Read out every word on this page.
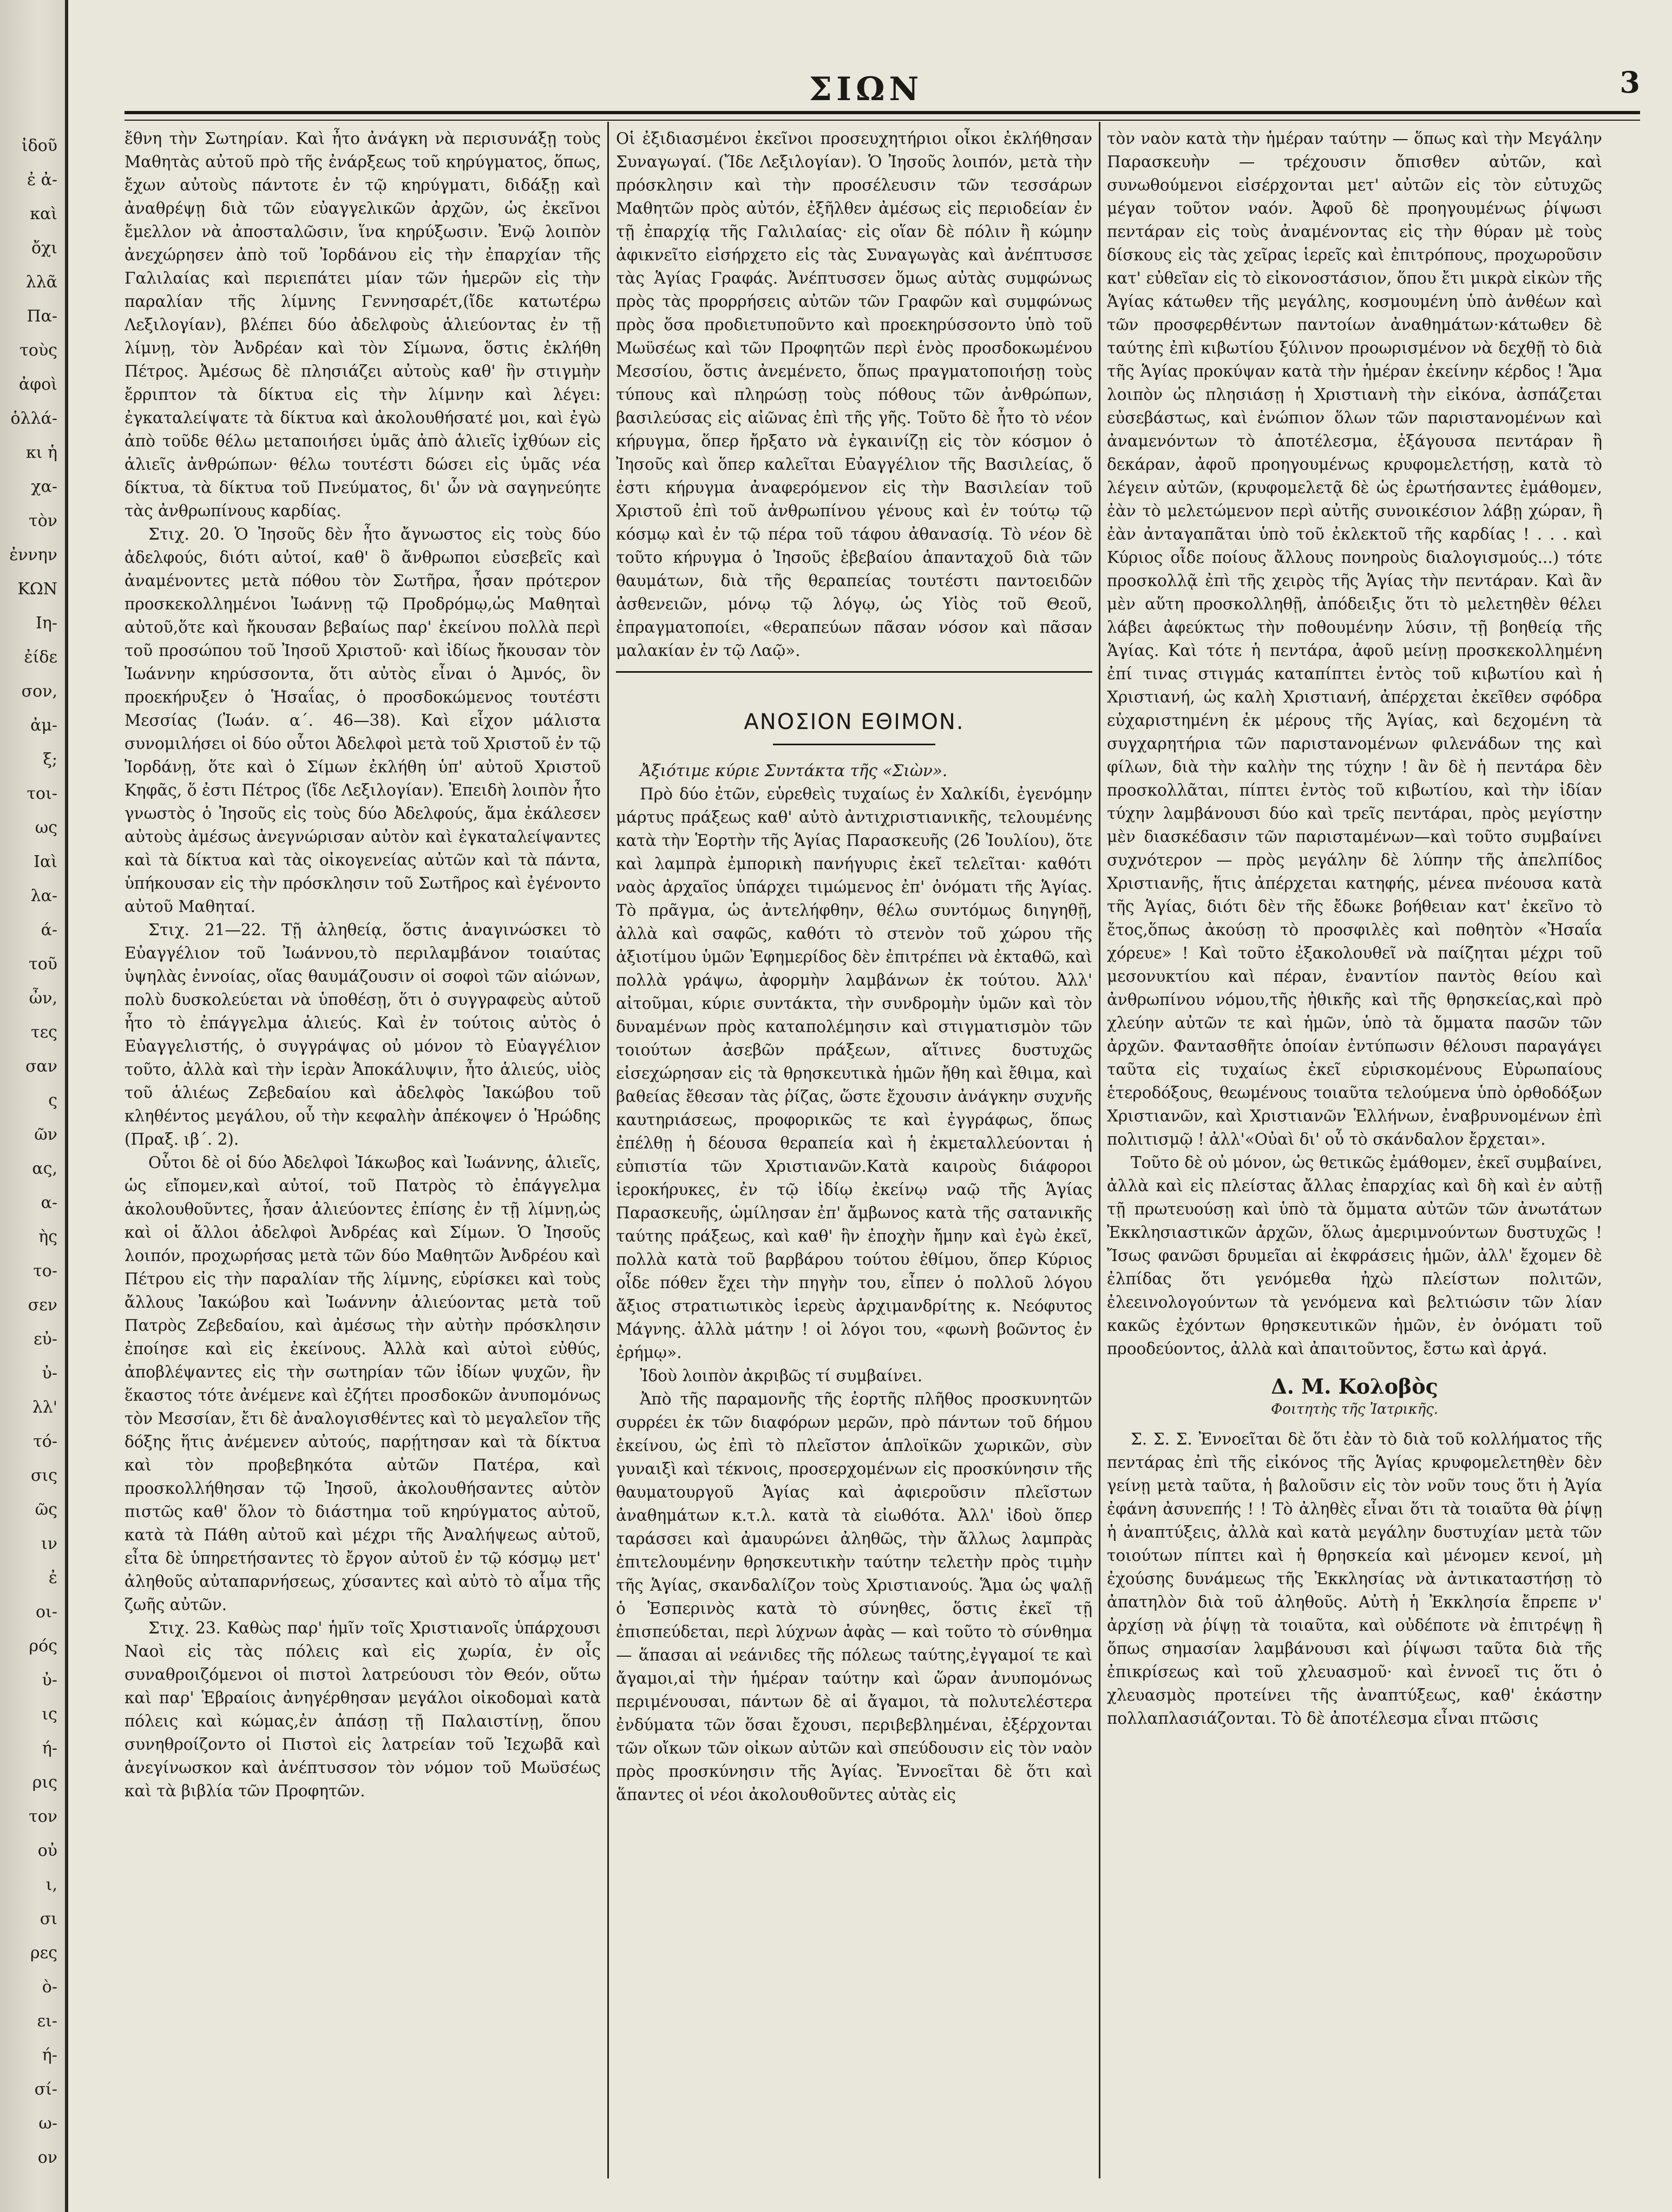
ἰδοῦ
ἐ ἀ-
καὶ
ὄχι
λλᾶ
Πα-
τοὺς
ἀφοὶ
ὁλλά-
κι ἡ
χα-
τὸν
ἐννην
ΚΩΝ
Ιη-
ἐίδε
σον,
ἀμ-
ξ;
τοι-
ως
Ιαὶ
λα-
ά-
τοῦ
ὦν,
τες
σαν
ς
ῶν
ας,
α-
ὴς
το-
σεν
εὐ-
ὐ-
λλ'
τό-
σις
ῶς
ιν
ἐ
οι-
ρός
ὐ-
ις
ή-
ρις
τον
οὐ
ι,
σι
ρες
ὸ-
ει-
ή-
σί-
ω-
ον
ΣΙΩΝ	3

ἔθνη τὴν Σωτηρίαν. Καὶ ἦτο ἀνάγκη νὰ περισυνάξῃ τοὺς Μαθητὰς αὐτοῦ πρὸ τῆς ἐνάρξεως τοῦ κηρύγματος, ὅπως, ἔχων αὐτοὺς πάντοτε ἐν τῷ κηρύγματι, διδάξῃ καὶ ἀναθρέψῃ διὰ τῶν εὐαγγελικῶν ἀρχῶν, ὡς ἐκεῖνοι ἔμελλον νὰ ἀποσταλῶσιν, ἵνα κηρύξωσιν. Ἐνῷ λοιπὸν ἀνεχώρησεν ἀπὸ τοῦ Ἰορδάνου εἰς τὴν ἐπαρχίαν τῆς Γαλιλαίας καὶ περιεπάτει μίαν τῶν ἡμερῶν εἰς τὴν παραλίαν τῆς λίμνης Γεννησαρέτ,(ἴδε κατωτέρω Λεξιλογίαν), βλέπει δύο ἀδελφοὺς ἁλιεύοντας ἐν τῇ λίμνῃ, τὸν Ἀνδρέαν καὶ τὸν Σίμωνα, ὅστις ἐκλήθη Πέτρος. Ἀμέσως δὲ πλησιάζει αὐτοὺς καθ' ἣν στιγμὴν ἔρριπτον τὰ δίκτυα εἰς τὴν λίμνην καὶ λέγει: ἐγκαταλείψατε τὰ δίκτυα καὶ ἀκολουθήσατέ μοι, καὶ ἐγὼ ἀπὸ τοῦδε θέλω μεταποιήσει ὑμᾶς ἀπὸ ἁλιεῖς ἰχθύων εἰς ἁλιεῖς ἀνθρώπων· θέλω τουτέστι δώσει εἰς ὑμᾶς νέα δίκτυα, τὰ δίκτυα τοῦ Πνεύματος, δι' ὧν νὰ σαγηνεύητε τὰς ἀνθρωπίνους καρδίας.

Στιχ. 20. Ὁ Ἰησοῦς δὲν ἦτο ἄγνωστος εἰς τοὺς δύο ἀδελφούς, διότι αὐτοί, καθ' ὃ ἄνθρωποι εὐσεβεῖς καὶ ἀναμένοντες μετὰ πόθου τὸν Σωτῆρα, ἦσαν πρότερον προσκεκολλημένοι Ἰωάννῃ τῷ Προδρόμῳ,ὡς Μαθηταὶ αὐτοῦ,ὅτε καὶ ἤκουσαν βεβαίως παρ' ἐκείνου πολλὰ περὶ τοῦ προσώπου τοῦ Ἰησοῦ Χριστοῦ· καὶ ἰδίως ἤκουσαν τὸν Ἰωάννην κηρύσσοντα, ὅτι αὐτὸς εἶναι ὁ Ἀμνός, ὃν προεκήρυξεν ὁ Ἡσαΐας, ὁ προσδοκώμενος τουτέστι Μεσσίας (Ἰωάν. α΄. 46—38). Καὶ εἶχον μάλιστα συνομιλήσει οἱ δύο οὗτοι Ἀδελφοὶ μετὰ τοῦ Χριστοῦ ἐν τῷ Ἰορδάνῃ, ὅτε καὶ ὁ Σίμων ἐκλήθη ὑπ' αὐτοῦ Χριστοῦ Κηφᾶς, ὅ ἐστι Πέτρος (ἴδε Λεξιλογίαν). Ἐπειδὴ λοιπὸν ἦτο γνωστὸς ὁ Ἰησοῦς εἰς τοὺς δύο Ἀδελφούς, ἅμα ἐκάλεσεν αὐτοὺς ἀμέσως ἀνεγνώρισαν αὐτὸν καὶ ἐγκαταλείψαντες καὶ τὰ δίκτυα καὶ τὰς οἰκογενείας αὐτῶν καὶ τὰ πάντα, ὑπήκουσαν εἰς τὴν πρόσκλησιν τοῦ Σωτῆρος καὶ ἐγένοντο αὐτοῦ Μαθηταί.

Στιχ. 21—22. Τῇ ἀληθείᾳ, ὅστις ἀναγινώσκει τὸ Εὐαγγέλιον τοῦ Ἰωάννου,τὸ περιλαμβάνον τοιαύτας ὑψηλὰς ἐννοίας, οἵας θαυμάζουσιν οἱ σοφοὶ τῶν αἰώνων, πολὺ δυσκολεύεται νὰ ὑποθέσῃ, ὅτι ὁ συγγραφεὺς αὐτοῦ ἦτο τὸ ἐπάγγελμα ἁλιεύς. Καὶ ἐν τούτοις αὐτὸς ὁ Εὐαγγελιστής, ὁ συγγράψας οὐ μόνον τὸ Εὐαγγέλιον τοῦτο, ἀλλὰ καὶ τὴν ἱερὰν Ἀποκάλυψιν, ἦτο ἁλιεύς, υἱὸς τοῦ ἁλιέως Ζεβεδαίου καὶ ἀδελφὸς Ἰακώβου τοῦ κληθέντος μεγάλου, οὗ τὴν κεφαλὴν ἀπέκοψεν ὁ Ἡρώδης (Πραξ. ιβ΄. 2).

Οὗτοι δὲ οἱ δύο Ἀδελφοὶ Ἰάκωβος καὶ Ἰωάννης, ἁλιεῖς, ὡς εἴπομεν,καὶ αὐτοί, τοῦ Πατρὸς τὸ ἐπάγγελμα ἀκολουθοῦντες, ἦσαν ἁλιεύοντες ἐπίσης ἐν τῇ λίμνῃ,ὡς καὶ οἱ ἄλλοι ἀδελφοὶ Ἀνδρέας καὶ Σίμων. Ὁ Ἰησοῦς λοιπόν, προχωρήσας μετὰ τῶν δύο Μαθητῶν Ἀνδρέου καὶ Πέτρου εἰς τὴν παραλίαν τῆς λίμνης, εὑρίσκει καὶ τοὺς ἄλλους Ἰακώβου καὶ Ἰωάννην ἁλιεύοντας μετὰ τοῦ Πατρὸς Ζεβεδαίου, καὶ ἀμέσως τὴν αὐτὴν πρόσκλησιν ἐποίησε καὶ εἰς ἐκείνους. Ἀλλὰ καὶ αὐτοὶ εὐθύς, ἀποβλέψαντες εἰς τὴν σωτηρίαν τῶν ἰδίων ψυχῶν, ἣν ἕκαστος τότε ἀνέμενε καὶ ἐζήτει προσδοκῶν ἀνυπομόνως τὸν Μεσσίαν, ἔτι δὲ ἀναλογισθέντες καὶ τὸ μεγαλεῖον τῆς δόξης ἥτις ἀνέμενεν αὐτούς, παρῄτησαν καὶ τὰ δίκτυα καὶ τὸν προβεβηκότα αὐτῶν Πατέρα, καὶ προσκολλήθησαν τῷ Ἰησοῦ, ἀκολουθήσαντες αὐτὸν πιστῶς καθ' ὅλον τὸ διάστημα τοῦ κηρύγματος αὐτοῦ, κατὰ τὰ Πάθη αὐτοῦ καὶ μέχρι τῆς Ἀναλήψεως αὐτοῦ, εἶτα δὲ ὑπηρετήσαντες τὸ ἔργον αὐτοῦ ἐν τῷ κόσμῳ μετ' ἀληθοῦς αὐταπαρνήσεως, χύσαντες καὶ αὐτὸ τὸ αἷμα τῆς ζωῆς αὐτῶν.

Στιχ. 23. Καθὼς παρ' ἡμῖν τοῖς Χριστιανοῖς ὑπάρχουσι Ναοὶ εἰς τὰς πόλεις καὶ εἰς χωρία, ἐν οἷς συναθροιζόμενοι οἱ πιστοὶ λατρεύουσι τὸν Θεόν, οὕτω καὶ παρ' Ἑβραίοις ἀνηγέρθησαν μεγάλοι οἰκοδομαὶ κατὰ πόλεις καὶ κώμας,ἐν ἀπάσῃ τῇ Παλαιστίνῃ, ὅπου συνηθροίζοντο οἱ Πιστοὶ εἰς λατρείαν τοῦ Ἰεχωβᾶ καὶ ἀνεγίνωσκον καὶ ἀνέπτυσσον τὸν νόμον τοῦ Μωϋσέως καὶ τὰ βιβλία τῶν Προφητῶν.

Οἱ ἐξιδιασμένοι ἐκεῖνοι προσευχητήριοι οἶκοι ἐκλήθησαν Συναγωγαί. (Ἴδε Λεξιλογίαν). Ὁ Ἰησοῦς λοιπόν, μετὰ τὴν πρόσκλησιν καὶ τὴν προσέλευσιν τῶν τεσσάρων Μαθητῶν πρὸς αὐτόν, ἐξῆλθεν ἀμέσως εἰς περιοδείαν ἐν τῇ ἐπαρχίᾳ τῆς Γαλιλαίας· εἰς οἵαν δὲ πόλιν ἢ κώμην ἀφικνεῖτο εἰσήρχετο εἰς τὰς Συναγωγὰς καὶ ἀνέπτυσσε τὰς Ἁγίας Γραφάς. Ἀνέπτυσσεν ὅμως αὐτὰς συμφώνως πρὸς τὰς προρρήσεις αὐτῶν τῶν Γραφῶν καὶ συμφώνως πρὸς ὅσα προδιετυποῦντο καὶ προεκηρύσσοντο ὑπὸ τοῦ Μωϋσέως καὶ τῶν Προφητῶν περὶ ἑνὸς προσδοκωμένου Μεσσίου, ὅστις ἀνεμένετο, ὅπως πραγματοποιήσῃ τοὺς τύπους καὶ πληρώσῃ τοὺς πόθους τῶν ἀνθρώπων, βασιλεύσας εἰς αἰῶνας ἐπὶ τῆς γῆς. Τοῦτο δὲ ἦτο τὸ νέον κήρυγμα, ὅπερ ἤρξατο νὰ ἐγκαινίζῃ εἰς τὸν κόσμον ὁ Ἰησοῦς καὶ ὅπερ καλεῖται Εὐαγγέλιον τῆς Βασιλείας, ὅ ἐστι κήρυγμα ἀναφερόμενον εἰς τὴν Βασιλείαν τοῦ Χριστοῦ ἐπὶ τοῦ ἀνθρωπίνου γένους καὶ ἐν τούτῳ τῷ κόσμῳ καὶ ἐν τῷ πέρα τοῦ τάφου ἀθανασίᾳ. Τὸ νέον δὲ τοῦτο κήρυγμα ὁ Ἰησοῦς ἐβεβαίου ἁπανταχοῦ διὰ τῶν θαυμάτων, διὰ τῆς θεραπείας τουτέστι παντοειδῶν ἀσθενειῶν, μόνῳ τῷ λόγῳ, ὡς Υἱὸς τοῦ Θεοῦ, ἐπραγματοποίει, «θεραπεύων πᾶσαν νόσον καὶ πᾶσαν μαλακίαν ἐν τῷ Λαῷ».

ΑΝΟΣΙΟΝ ΕΘΙΜΟΝ.

Ἀξιότιμε κύριε Συντάκτα τῆς «Σιὼν».

Πρὸ δύο ἐτῶν, εὑρεθεὶς τυχαίως ἐν Χαλκίδι, ἐγενόμην μάρτυς πράξεως καθ' αὐτὸ ἀντιχριστιανικῆς, τελουμένης κατὰ τὴν Ἑορτὴν τῆς Ἁγίας Παρασκευῆς (26 Ἰουλίου), ὅτε καὶ λαμπρὰ ἐμπορικὴ πανήγυρις ἐκεῖ τελεῖται· καθότι ναὸς ἀρχαῖος ὑπάρχει τιμώμενος ἐπ' ὀνόματι τῆς Ἁγίας. Τὸ πρᾶγμα, ὡς ἀντελήφθην, θέλω συντόμως διηγηθῇ, ἀλλὰ καὶ σαφῶς, καθότι τὸ στενὸν τοῦ χώρου τῆς ἀξιοτίμου ὑμῶν Ἐφημερίδος δὲν ἐπιτρέπει νὰ ἐκταθῶ, καὶ πολλὰ γράψω, ἀφορμὴν λαμβάνων ἐκ τούτου. Ἀλλ' αἰτοῦμαι, κύριε συντάκτα, τὴν συνδρομὴν ὑμῶν καὶ τὸν δυναμένων πρὸς καταπολέμησιν καὶ στιγματισμὸν τῶν τοιούτων ἀσεβῶν πράξεων, αἵτινες δυστυχῶς εἰσεχώρησαν εἰς τὰ θρησκευτικὰ ἡμῶν ἤθη καὶ ἔθιμα, καὶ βαθείας ἔθεσαν τὰς ῥίζας, ὥστε ἔχουσιν ἀνάγκην συχνῆς καυτηριάσεως, προφορικῶς τε καὶ ἐγγράφως, ὅπως ἐπέλθῃ ἡ δέουσα θεραπεία καὶ ἡ ἐκμεταλλεύονται ἡ εὐπιστία τῶν Χριστιανῶν.Κατὰ καιροὺς διάφοροι ἱεροκήρυκες, ἐν τῷ ἰδίῳ ἐκείνῳ ναῷ τῆς Ἁγίας Παρασκευῆς, ὡμίλησαν ἐπ' ἄμβωνος κατὰ τῆς σατανικῆς ταύτης πράξεως, καὶ καθ' ἣν ἐποχὴν ἤμην καὶ ἐγὼ ἐκεῖ, πολλὰ κατὰ τοῦ βαρβάρου τούτου ἐθίμου, ὅπερ Κύριος οἶδε πόθεν ἔχει τὴν πηγὴν του, εἶπεν ὁ πολλοῦ λόγου ἄξιος στρατιωτικὸς ἱερεὺς ἀρχιμανδρίτης κ. Νεόφυτος Μάγνης. ἀλλὰ μάτην ! οἱ λόγοι του, «φωνὴ βοῶντος ἐν ἐρήμῳ».

Ἰδοὺ λοιπὸν ἀκριβῶς τί συμβαίνει.

Ἀπὸ τῆς παραμονῆς τῆς ἑορτῆς πλῆθος προσκυνητῶν συρρέει ἐκ τῶν διαφόρων μερῶν, πρὸ πάντων τοῦ δήμου ἐκείνου, ὡς ἐπὶ τὸ πλεῖστον ἁπλοϊκῶν χωρικῶν, σὺν γυναιξὶ καὶ τέκνοις, προσερχομένων εἰς προσκύνησιν τῆς θαυματουργοῦ Ἁγίας καὶ ἀφιεροῦσιν πλεῖστων ἀναθημάτων κ.τ.λ. κατὰ τὰ εἰωθότα. Ἀλλ' ἰδοὺ ὅπερ ταράσσει καὶ ἀμαυρώνει ἀληθῶς, τὴν ἄλλως λαμπρὰς ἐπιτελουμένην θρησκευτικὴν ταύτην τελετὴν πρὸς τιμὴν τῆς Ἁγίας, σκανδαλίζον τοὺς Χριστιανούς. Ἅμα ὡς ψαλῇ ὁ Ἑσπερινὸς κατὰ τὸ σύνηθες, ὅστις ἐκεῖ τῇ ἐπισπεύδεται, περὶ λύχνων ἁφὰς — καὶ τοῦτο τὸ σύνθημα — ἅπασαι αἱ νεάνιδες τῆς πόλεως ταύτης,ἐγγαμοί τε καὶ ἄγαμοι,αἱ τὴν ἡμέραν ταύτην καὶ ὥραν ἀνυπομόνως περιμένουσαι, πάντων δὲ αἱ ἄγαμοι, τὰ πολυτελέστερα ἐνδύματα τῶν ὅσαι ἔχουσι, περιβεβλημέναι, ἐξέρχονται τῶν οἴκων τῶν οἰκων αὐτῶν καὶ σπεύδουσιν εἰς τὸν ναὸν πρὸς προσκύνησιν τῆς Ἁγίας. Ἐννοεῖται δὲ ὅτι καὶ ἅπαντες οἱ νέοι ἀκολουθοῦντες αὐτὰς εἰς

τὸν ναὸν κατὰ τὴν ἡμέραν ταύτην — ὅπως καὶ τὴν Μεγάλην Παρασκευὴν — τρέχουσιν ὄπισθεν αὐτῶν, καὶ συνωθούμενοι εἰσέρχονται μετ' αὐτῶν εἰς τὸν εὐτυχῶς μέγαν τοῦτον ναόν. Ἀφοῦ δὲ προηγουμένως ῥίψωσι πεντάραν εἰς τοὺς ἀναμένοντας εἰς τὴν θύραν μὲ τοὺς δίσκους εἰς τὰς χεῖρας ἱερεῖς καὶ ἐπιτρόπους, προχωροῦσιν κατ' εὐθεῖαν εἰς τὸ εἰκονοστάσιον, ὅπου ἔτι μικρὰ εἰκὼν τῆς Ἁγίας κάτωθεν τῆς μεγάλης, κοσμουμένη ὑπὸ ἀνθέων καὶ τῶν προσφερθέντων παντοίων ἀναθημάτων·κάτωθεν δὲ ταύτης ἐπὶ κιβωτίου ξύλινον προωρισμένον νὰ δεχθῇ τὸ διὰ τῆς Ἁγίας προκύψαν κατὰ τὴν ἡμέραν ἐκείνην κέρδος ! Ἅμα λοιπὸν ὡς πλησιάσῃ ἡ Χριστιανὴ τὴν εἰκόνα, ἀσπάζεται εὐσεβάστως, καὶ ἐνώπιον ὅλων τῶν παριστανομένων καὶ ἀναμενόντων τὸ ἀποτέλεσμα, ἐξάγουσα πεντάραν ἢ δεκάραν, ἀφοῦ προηγουμένως κρυφομελετήσῃ, κατὰ τὸ λέγειν αὐτῶν, (κρυφομελετᾷ δὲ ὡς ἐρωτήσαντες ἐμάθομεν, ἐὰν τὸ μελετώμενον περὶ αὐτῆς συνοικέσιον λάβῃ χώραν, ἢ ἐὰν ἀνταγαπᾶται ὑπὸ τοῦ ἐκλεκτοῦ τῆς καρδίας ! . . . καὶ Κύριος οἶδε ποίους ἄλλους πονηροὺς διαλογισμούς...) τότε προσκολλᾷ ἐπὶ τῆς χειρὸς τῆς Ἁγίας τὴν πεντάραν. Καὶ ἂν μὲν αὕτη προσκολληθῇ, ἀπόδειξις ὅτι τὸ μελετηθὲν θέλει λάβει ἀφεύκτως τὴν ποθουμένην λύσιν, τῇ βοηθείᾳ τῆς Ἁγίας. Καὶ τότε ἡ πεντάρα, ἀφοῦ μείνῃ προσκεκολλημένη ἐπί τινας στιγμάς καταπίπτει ἐντὸς τοῦ κιβωτίου καὶ ἡ Χριστιανή, ὡς καλὴ Χριστιανή, ἀπέρχεται ἐκεῖθεν σφόδρα εὐχαριστημένη ἐκ μέρους τῆς Ἁγίας, καὶ δεχομένη τὰ συγχαρητήρια τῶν παριστανομένων φιλενάδων της καὶ φίλων, διὰ τὴν καλὴν της τύχην ! ἂν δὲ ἡ πεντάρα δὲν προσκολλᾶται, πίπτει ἐντὸς τοῦ κιβωτίου, καὶ τὴν ἰδίαν τύχην λαμβάνουσι δύο καὶ τρεῖς πεντάραι, πρὸς μεγίστην μὲν διασκέδασιν τῶν παρισταμένων—καὶ τοῦτο συμβαίνει συχνότερον — πρὸς μεγάλην δὲ λύπην τῆς ἀπελπίδος Χριστιανῆς, ἥτις ἀπέρχεται κατηφής, μένεα πνέουσα κατὰ τῆς Ἁγίας, διότι δὲν τῆς ἔδωκε βοήθειαν κατ' ἐκεῖνο τὸ ἔτος,ὅπως ἀκούσῃ τὸ προσφιλὲς καὶ ποθητὸν «Ἠσαΐα χόρευε» ! Καὶ τοῦτο ἐξακολουθεῖ νὰ παίζηται μέχρι τοῦ μεσονυκτίου καὶ πέραν, ἐναντίον παντὸς θείου καὶ ἀνθρωπίνου νόμου,τῆς ἠθικῆς καὶ τῆς θρησκείας,καὶ πρὸ χλεύην αὐτῶν τε καὶ ἡμῶν, ὑπὸ τὰ ὄμματα πασῶν τῶν ἀρχῶν. Φαντασθῆτε ὁποίαν ἐντύπωσιν θέλουσι παραγάγει ταῦτα εἰς τυχαίως ἐκεῖ εὑρισκομένους Εὐρωπαίους ἑτεροδόξους, θεωμένους τοιαῦτα τελούμενα ὑπὸ ὀρθοδόξων Χριστιανῶν, καὶ Χριστιανῶν Ἑλλήνων, ἐναβρυνομένων ἐπὶ πολιτισμῷ ! ἀλλ'«Οὐαὶ δι' οὗ τὸ σκάνδαλον ἔρχεται».

Τοῦτο δὲ οὐ μόνον, ὡς θετικῶς ἐμάθομεν, ἐκεῖ συμβαίνει, ἀλλὰ καὶ εἰς πλείστας ἄλλας ἐπαρχίας καὶ δὴ καὶ ἐν αὐτῇ τῇ πρωτευούσῃ καὶ ὑπὸ τὰ ὄμματα αὐτῶν τῶν ἀνωτάτων Ἐκκλησιαστικῶν ἀρχῶν, ὅλως ἀμεριμνούντων δυστυχῶς ! Ἴσως φανῶσι δρυμεῖαι αἱ ἐκφράσεις ἡμῶν, ἀλλ' ἔχομεν δὲ ἐλπίδας ὅτι γενόμεθα ἠχὼ πλείστων πολιτῶν, ἐλεεινολογούντων τὰ γενόμενα καὶ βελτιώσιν τῶν λίαν κακῶς ἐχόντων θρησκευτικῶν ἡμῶν, ἐν ὀνόματι τοῦ προοδεύοντος, ἀλλὰ καὶ ἀπαιτοῦντος, ἔστω καὶ ἀργά.

Δ. Μ. Κολοβὸς
Φοιτητὴς τῆς Ἰατρικῆς.

Σ. Σ. Σ. Ἐννοεῖται δὲ ὅτι ἐὰν τὸ διὰ τοῦ κολλήματος τῆς πεντάρας ἐπὶ τῆς εἰκόνος τῆς Ἁγίας κρυφομελετηθὲν δὲν γείνῃ μετὰ ταῦτα, ἡ βαλοῦσιν εἰς τὸν νοῦν τους ὅτι ἡ Ἁγία ἐφάνη ἀσυνεπής ! ! Τὸ ἀληθὲς εἶναι ὅτι τὰ τοιαῦτα θὰ ῥίψῃ ἡ ἀναπτύξεις, ἀλλὰ καὶ κατὰ μεγάλην δυστυχίαν μετὰ τῶν τοιούτων πίπτει καὶ ἡ θρησκεία καὶ μένομεν κενοί, μὴ ἐχούσης δυνάμεως τῆς Ἐκκλησίας νὰ ἀντικαταστήσῃ τὸ ἀπατηλὸν διὰ τοῦ ἀληθοῦς. Αὐτὴ ἡ Ἐκκλησία ἔπρεπε ν' ἀρχίσῃ νὰ ῥίψῃ τὰ τοιαῦτα, καὶ οὐδέποτε νὰ ἐπιτρέψῃ ἢ ὅπως σημασίαν λαμβάνουσι καὶ ῥίψωσι ταῦτα διὰ τῆς ἐπικρίσεως καὶ τοῦ χλευασμοῦ· καὶ ἐννοεῖ τις ὅτι ὁ χλευασμὸς προτείνει τῆς ἀναπτύξεως, καθ' ἑκάστην πολλαπλασιάζονται. Τὸ δὲ ἀποτέλεσμα εἶναι πτῶσις
